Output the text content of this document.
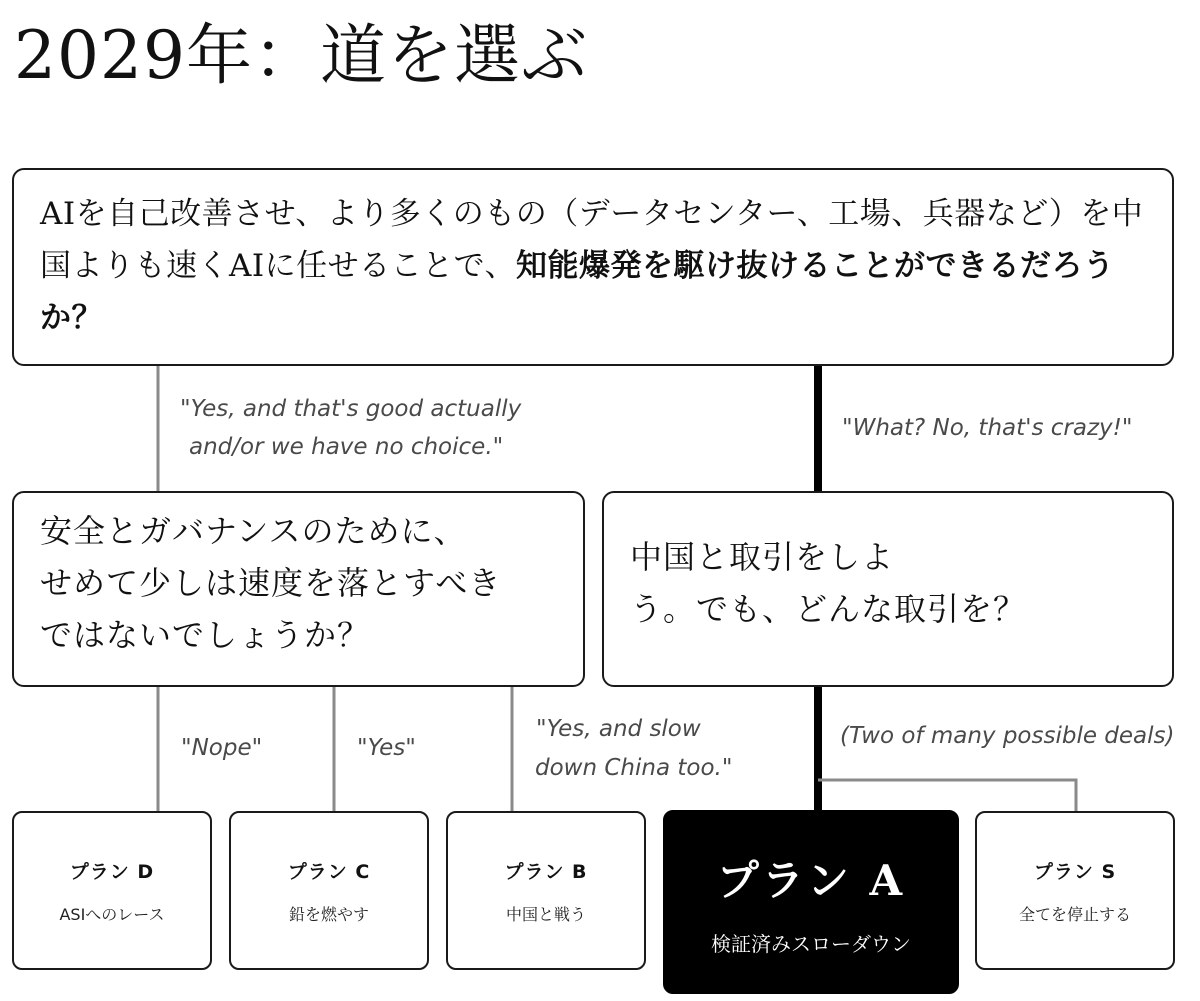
2029年：道を選ぶ
AIを自己改善させ、より多くのもの（データセンター、工場、兵器など）を中国よりも速くAIに任せることで、知能爆発を駆け抜けることができるだろうか？

"Yes, and that's good actually

and/or we have no choice."

"What? No, that's crazy!"

安全とガバナンスのために、
せめて少しは速度を落とすべき
ではないでしょうか？
中国と取引をしよ
う。でも、どんな取引を？

"Nope"	"Yes"

"Yes, and slow

down China too."

(Two of many possible deals)

プラン D
ASIへのレース
プラン C
鉛を燃やす
プラン B
中国と戦う
プラン A
検証済みスローダウン
プラン S
全てを停止する
